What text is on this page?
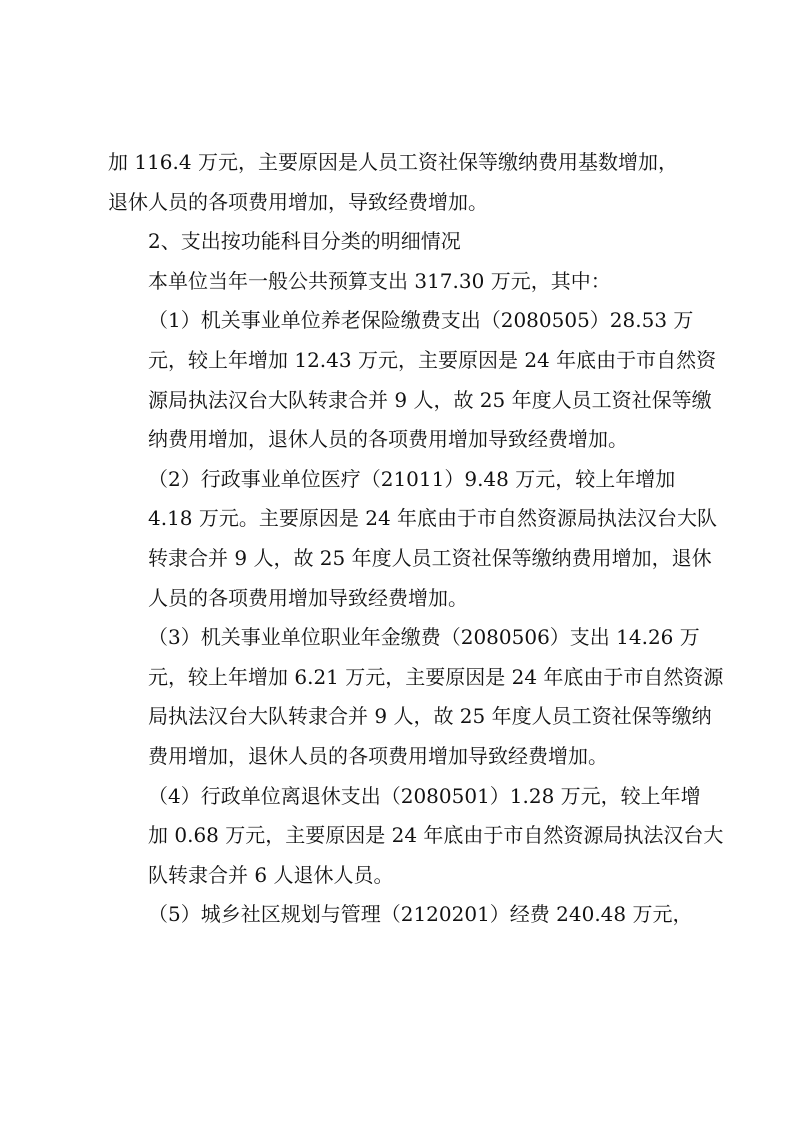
加 116.4 万元，主要原因是人员工资社保等缴纳费用基数增加，
退休人员的各项费用增加，导致经费增加。

2、支出按功能科目分类的明细情况

本单位当年一般公共预算支出 317.30 万元，其中：

（1）机关事业单位养老保险缴费支出（2080505）28.53 万
元，较上年增加 12.43 万元，主要原因是 24 年底由于市自然资
源局执法汉台大队转隶合并 9 人，故 25 年度人员工资社保等缴
纳费用增加，退休人员的各项费用增加导致经费增加。

（2）行政事业单位医疗（21011）9.48 万元，较上年增加
4.18 万元。主要原因是 24 年底由于市自然资源局执法汉台大队
转隶合并 9 人，故 25 年度人员工资社保等缴纳费用增加，退休
人员的各项费用增加导致经费增加。

（3）机关事业单位职业年金缴费（2080506）支出 14.26 万
元，较上年增加 6.21 万元，主要原因是 24 年底由于市自然资源
局执法汉台大队转隶合并 9 人，故 25 年度人员工资社保等缴纳
费用增加，退休人员的各项费用增加导致经费增加。

（4）行政单位离退休支出（2080501）1.28 万元，较上年增
加 0.68 万元，主要原因是 24 年底由于市自然资源局执法汉台大
队转隶合并 6 人退休人员。

（5）城乡社区规划与管理（2120201）经费 240.48 万元，
